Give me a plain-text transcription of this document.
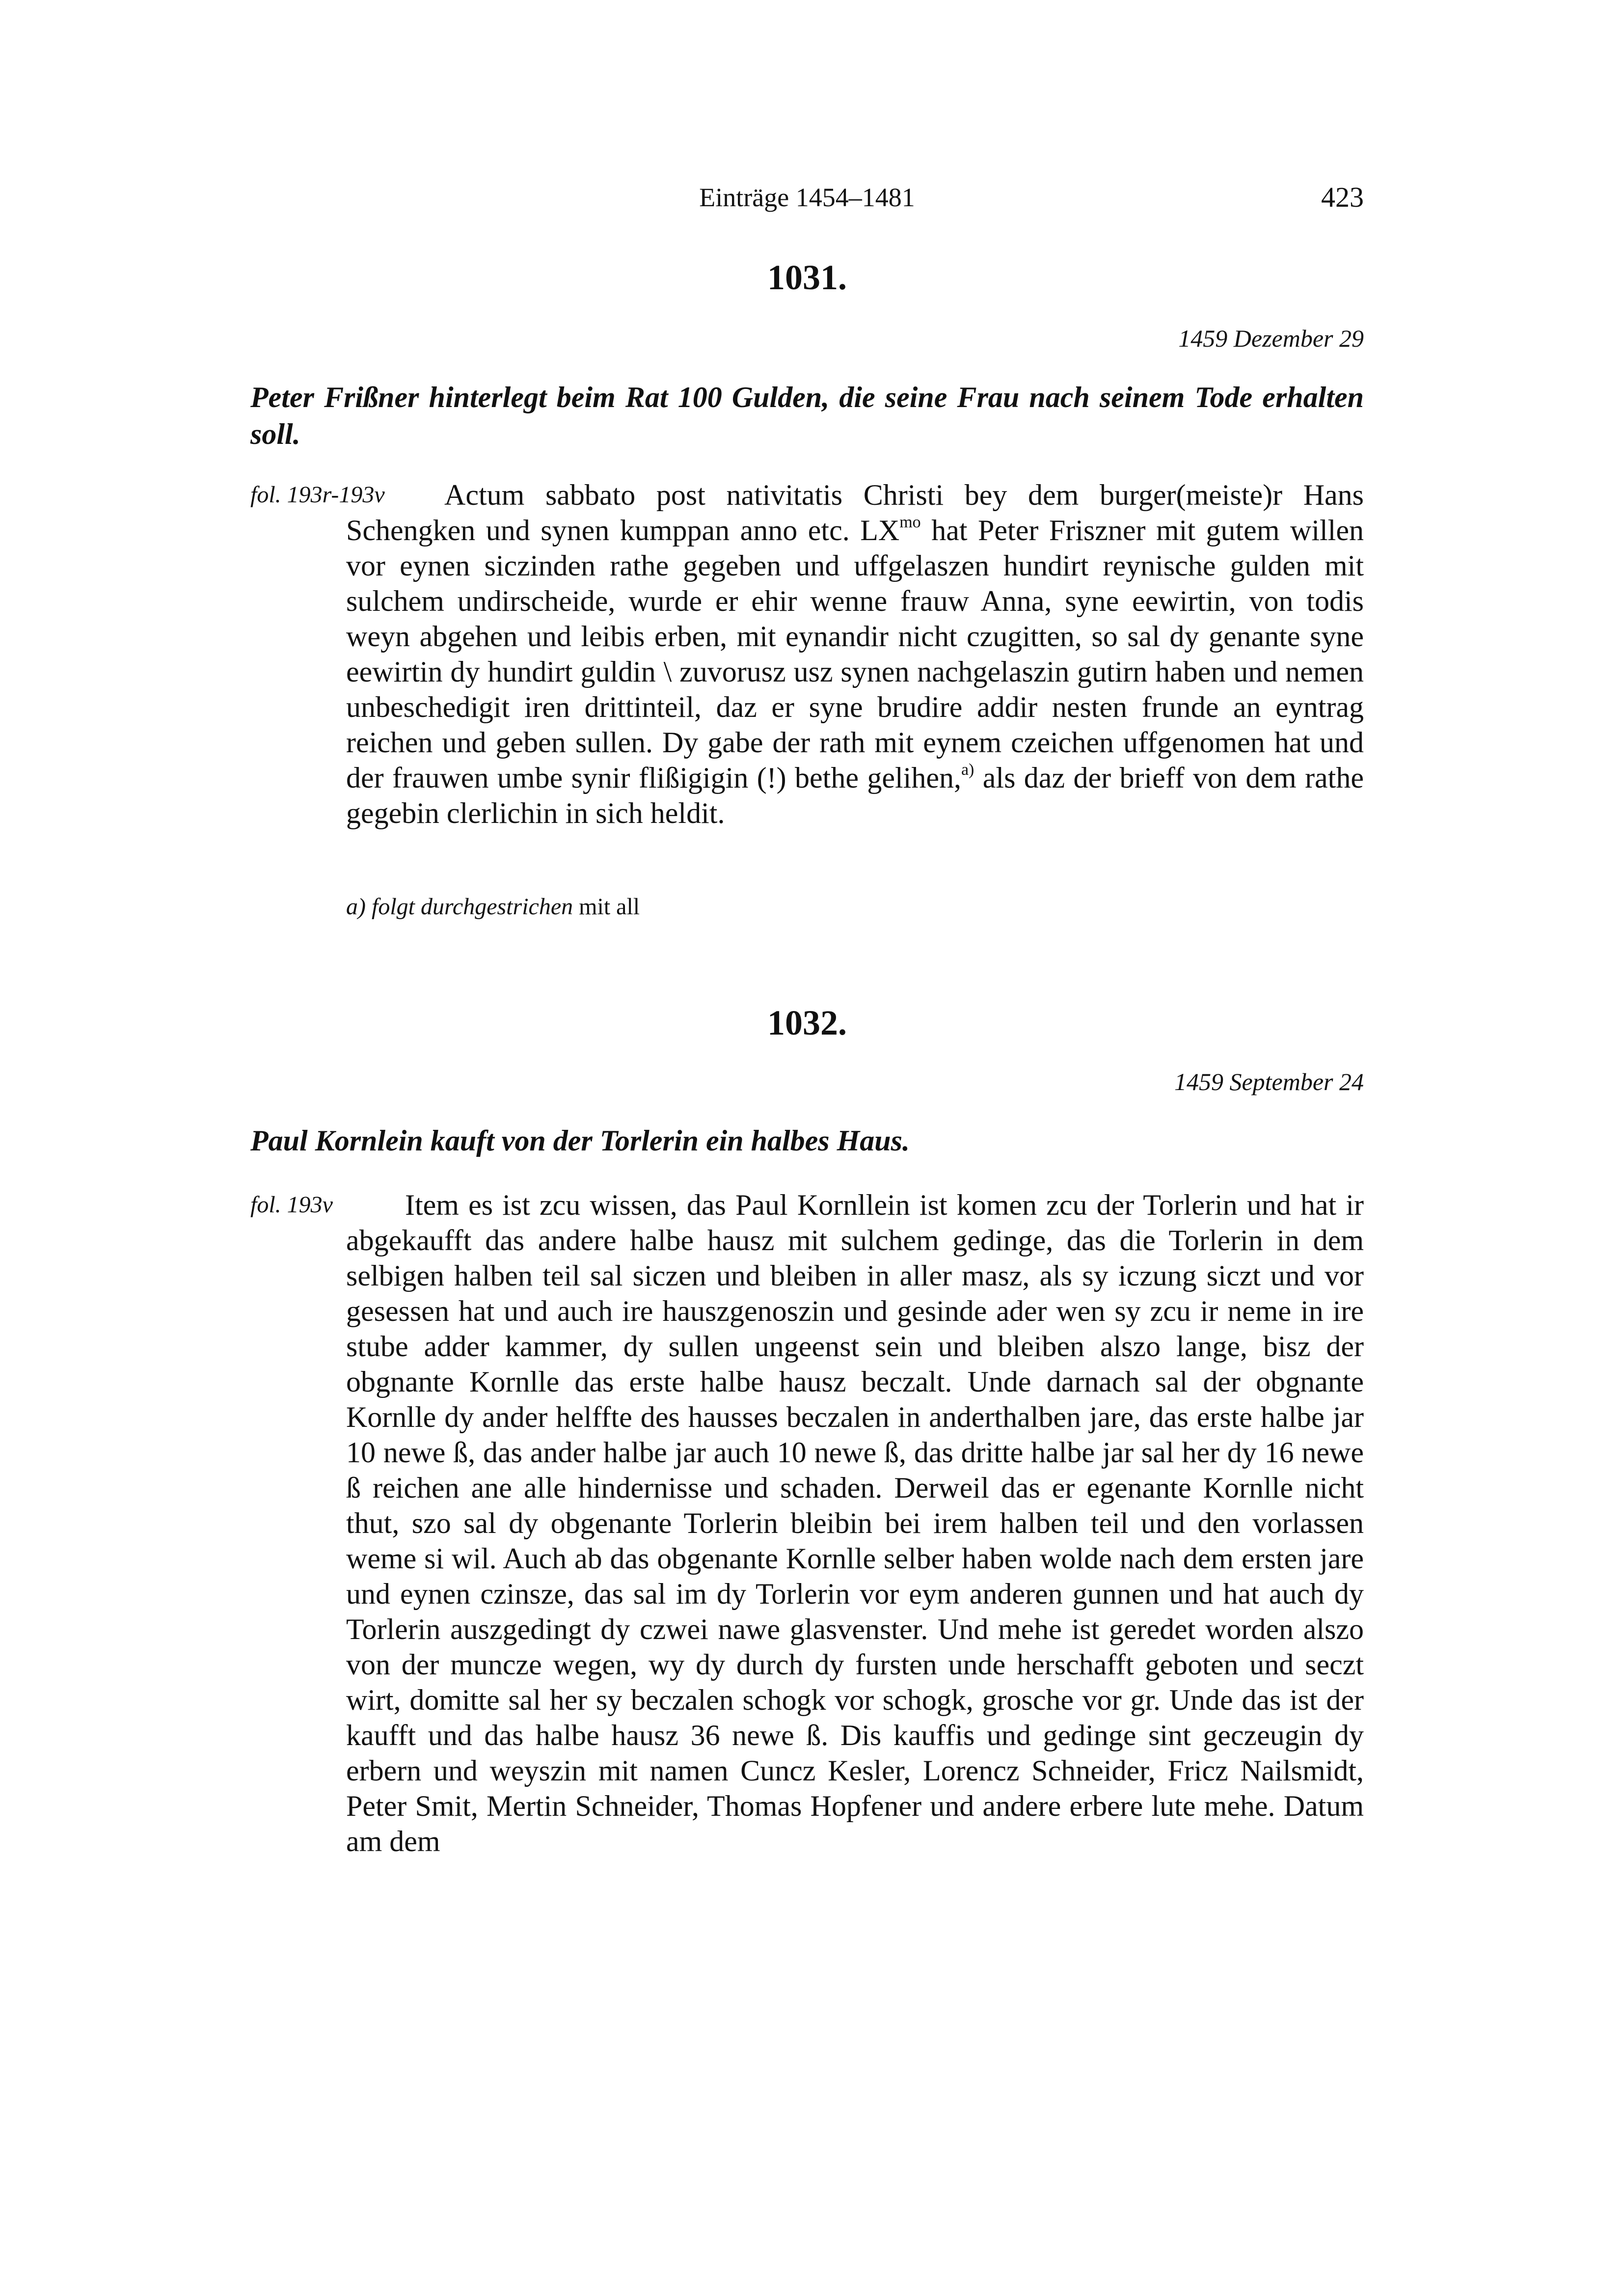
Einträge 1454–1481	423
1031.
1459 Dezember 29

Peter Frißner hinterlegt beim Rat 100 Gulden, die seine Frau nach seinem Tode erhalten soll.

fol. 193r-193v	Actum sabbato post nativitatis Christi bey dem burger(meiste)r Hans Schengken und synen kumppan anno etc. $LX^{mo}$ hat Peter Friszner mit gutem willen vor eynen siczinden rathe gegeben und uffgelaszen hundirt reynische gulden mit sulchem undirscheide, wurde er ehir wenne frauw Anna, syne eewirtin, von todis weyn abgehen und leibis erben, mit eynandir nicht czugitten, so sal dy genante syne eewirtin dy hundirt guldin \ zuvorusz usz synen nachgelaszin gutirn haben und nemen unbeschedigit iren drittinteil, daz er syne brudire addir nesten frunde an eyntrag reichen und geben sullen. Dy gabe der rath mit eynem czeichen uffgenomen hat und der frauwen umbe synir flißigigin (!) bethe gelihen,$^{a)}$ als daz der brieff von dem rathe gegebin clerlichin in sich heldit.

a) folgt durchgestrichen mit all
1032.
1459 September 24

Paul Kornlein kauft von der Torlerin ein halbes Haus.

fol. 193v	Item es ist zcu wissen, das Paul Kornllein ist komen zcu der Torlerin und hat ir abgekaufft das andere halbe hausz mit sulchem gedinge, das die Torlerin in dem selbigen halben teil sal siczen und bleiben in aller masz, als sy iczung siczt und vor gesessen hat und auch ire hauszgenoszin und gesinde ader wen sy zcu ir neme in ire stube adder kammer, dy sullen ungeenst sein und bleiben alszo lange, bisz der obgnante Kornlle das erste halbe hausz beczalt. Unde darnach sal der obgnante Kornlle dy ander helffte des hausses beczalen in anderthalben jare, das erste halbe jar 10 newe ß, das ander halbe jar auch 10 newe ß, das dritte halbe jar sal her dy 16 newe ß reichen ane alle hindernisse und schaden. Derweil das er egenante Kornlle nicht thut, szo sal dy obgenante Torlerin bleibin bei irem halben teil und den vorlassen weme si wil. Auch ab das obgenante Kornlle selber haben wolde nach dem ersten jare und eynen czinsze, das sal im dy Torlerin vor eym anderen gunnen und hat auch dy Torlerin auszgedingt dy czwei nawe glasvenster. Und mehe ist geredet worden alszo von der muncze wegen, wy dy durch dy fursten unde herschafft geboten und seczt wirt, domitte sal her sy beczalen schogk vor schogk, grosche vor gr. Unde das ist der kaufft und das halbe hausz 36 newe ß. Dis kauffis und gedinge sint geczeugin dy erbern und weyszin mit namen Cuncz Kesler, Lorencz Schneider, Fricz Nailsmidt, Peter Smit, Mertin Schneider, Thomas Hopfener und andere erbere lute mehe. Datum am dem
